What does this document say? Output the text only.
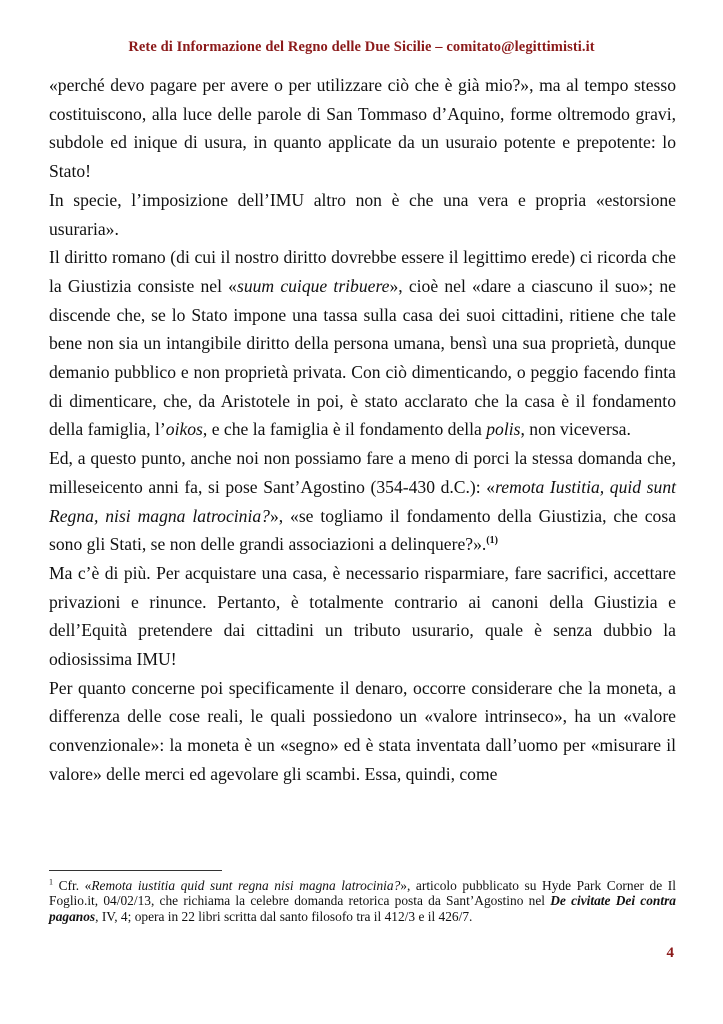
Rete di Informazione del Regno delle Due Sicilie – comitato@legittimisti.it

«perché devo pagare per avere o per utilizzare ciò che è già mio?», ma al tempo stesso costituiscono, alla luce delle parole di San Tommaso d’Aquino, forme oltremodo gravi, subdole ed inique di usura, in quanto applicate da un usuraio potente e prepotente: lo Stato!

In specie, l’imposizione dell’IMU altro non è che una vera e propria «estorsione usuraria».

Il diritto romano (di cui il nostro diritto dovrebbe essere il legittimo erede) ci ricorda che la Giustizia consiste nel «suum cuique tribuere», cioè nel «dare a ciascuno il suo»; ne discende che, se lo Stato impone una tassa sulla casa dei suoi cittadini, ritiene che tale bene non sia un intangibile diritto della persona umana, bensì una sua proprietà, dunque demanio pubblico e non proprietà privata. Con ciò dimenticando, o peggio facendo finta di dimenticare, che, da Aristotele in poi, è stato acclarato che la casa è il fondamento della famiglia, l’oikos, e che la famiglia è il fondamento della polis, non viceversa.

Ed, a questo punto, anche noi non possiamo fare a meno di porci la stessa domanda che, milleseicento anni fa, si pose Sant’Agostino (354-430 d.C.): «remota Iustitia, quid sunt Regna, nisi magna latrocinia?», «se togliamo il fondamento della Giustizia, che cosa sono gli Stati, se non delle grandi associazioni a delinquere?».$^{(1)}$

Ma c’è di più. Per acquistare una casa, è necessario risparmiare, fare sacrifici, accettare privazioni e rinunce. Pertanto, è totalmente contrario ai canoni della Giustizia e dell’Equità pretendere dai cittadini un tributo usurario, quale è senza dubbio la odiosissima IMU!

Per quanto concerne poi specificamente il denaro, occorre considerare che la moneta, a differenza delle cose reali, le quali possiedono un «valore intrinseco», ha un «valore convenzionale»: la moneta è un «segno» ed è stata inventata dall’uomo per «misurare il valore» delle merci ed agevolare gli scambi. Essa, quindi, come

$^1$ Cfr. «Remota iustitia quid sunt regna nisi magna latrocinia?», articolo pubblicato su Hyde Park Corner de Il Foglio.it, 04/02/13, che richiama la celebre domanda retorica posta da Sant’Agostino nel De civitate Dei contra paganos, IV, 4; opera in 22 libri scritta dal santo filosofo tra il 412/3 e il 426/7.

4
